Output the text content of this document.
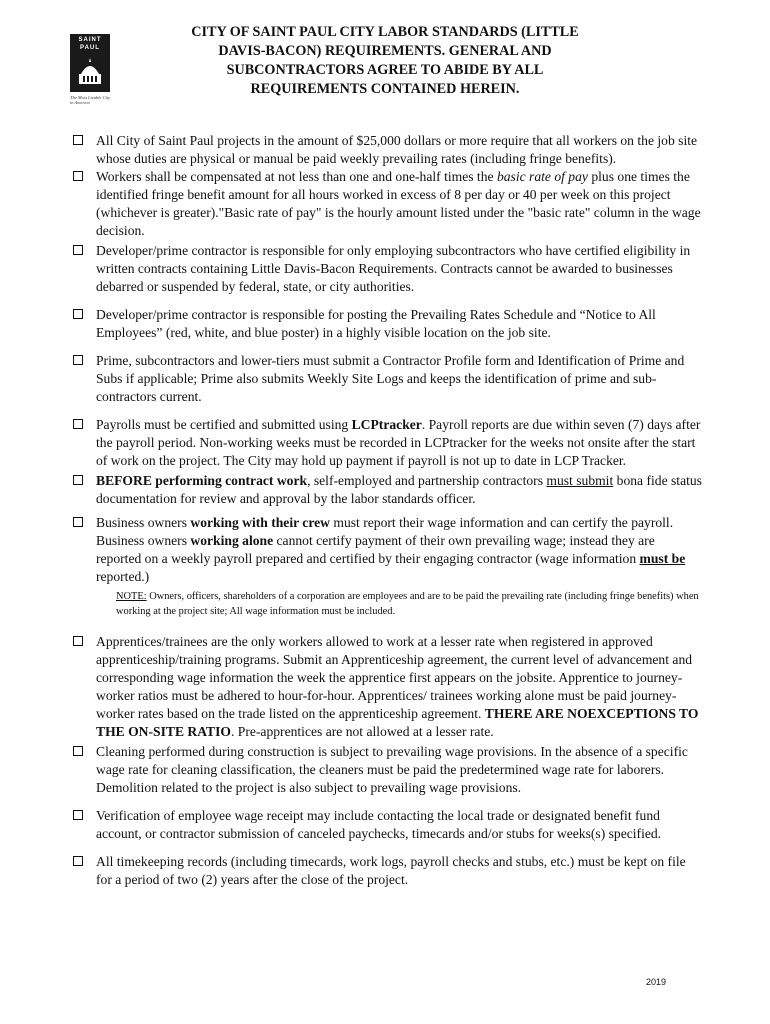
SAINT
PAUL
The Most Livable City in America
CITY OF SAINT PAUL CITY LABOR STANDARDS (LITTLE DAVIS-BACON) REQUIREMENTS. GENERAL AND SUBCONTRACTORS AGREE TO ABIDE BY ALL REQUIREMENTS CONTAINED HEREIN.
All City of Saint Paul projects in the amount of $25,000 dollars or more require that all workers on the job site whose duties are physical or manual be paid weekly prevailing rates (including fringe benefits).
Workers shall be compensated at not less than one and one-half times the basic rate of pay plus one times the identified fringe benefit amount for all hours worked in excess of 8 per day or 40 per week on this project (whichever is greater)."Basic rate of pay" is the hourly amount listed under the "basic rate" column in the wage decision.
Developer/prime contractor is responsible for only employing subcontractors who have certified eligibility in written contracts containing Little Davis-Bacon Requirements. Contracts cannot be awarded to businesses debarred or suspended by federal, state, or city authorities.
Developer/prime contractor is responsible for posting the Prevailing Rates Schedule and “Notice to All Employees” (red, white, and blue poster) in a highly visible location on the job site.
Prime, subcontractors and lower-tiers must submit a Contractor Profile form and Identification of Prime and Subs if applicable; Prime also submits Weekly Site Logs and keeps the identification of prime and sub-contractors current.
Payrolls must be certified and submitted using LCPtracker. Payroll reports are due within seven (7) days after the payroll period. Non-working weeks must be recorded in LCPtracker for the weeks not onsite after the start of work on the project. The City may hold up payment if payroll is not up to date in LCP Tracker.
BEFORE performing contract work, self-employed and partnership contractors must submit bona fide status documentation for review and approval by the labor standards officer.
Business owners working with their crew must report their wage information and can certify the payroll. Business owners working alone cannot certify payment of their own prevailing wage; instead they are reported on a weekly payroll prepared and certified by their engaging contractor (wage information must be reported.)
NOTE: Owners, officers, shareholders of a corporation are employees and are to be paid the prevailing rate (including fringe benefits) when working at the project site; All wage information must be included.
Apprentices/trainees are the only workers allowed to work at a lesser rate when registered in approved apprenticeship/training programs. Submit an Apprenticeship agreement, the current level of advancement and corresponding wage information the week the apprentice first appears on the jobsite. Apprentice to journey-worker ratios must be adhered to hour-for-hour. Apprentices/ trainees working alone must be paid journey-worker rates based on the trade listed on the apprenticeship agreement. THERE ARE NOEXCEPTIONS TO THE ON-SITE RATIO. Pre-apprentices are not allowed at a lesser rate.
Cleaning performed during construction is subject to prevailing wage provisions. In the absence of a specific wage rate for cleaning classification, the cleaners must be paid the predetermined wage rate for laborers. Demolition related to the project is also subject to prevailing wage provisions.
Verification of employee wage receipt may include contacting the local trade or designated benefit fund account, or contractor submission of canceled paychecks, timecards and/or stubs for weeks(s) specified.
All timekeeping records (including timecards, work logs, payroll checks and stubs, etc.) must be kept on file for a period of two (2) years after the close of the project.
2019
